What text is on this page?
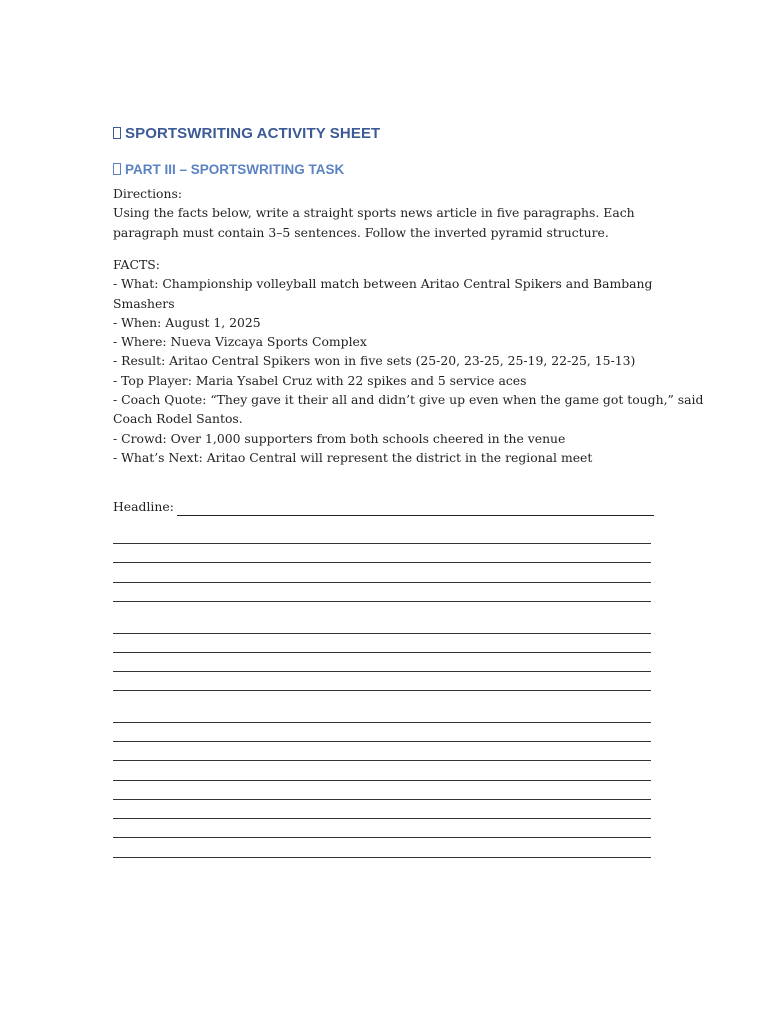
SPORTSWRITING ACTIVITY SHEET
PART III – SPORTSWRITING TASK
Directions:
Using the facts below, write a straight sports news article in five paragraphs. Each
paragraph must contain 3–5 sentences. Follow the inverted pyramid structure.
FACTS:
- What: Championship volleyball match between Aritao Central Spikers and Bambang
Smashers
- When: August 1, 2025
- Where: Nueva Vizcaya Sports Complex
- Result: Aritao Central Spikers won in five sets (25-20, 23-25, 25-19, 22-25, 15-13)
- Top Player: Maria Ysabel Cruz with 22 spikes and 5 service aces
- Coach Quote: “They gave it their all and didn’t give up even when the game got tough,” said
Coach Rodel Santos.
- Crowd: Over 1,000 supporters from both schools cheered in the venue
- What’s Next: Aritao Central will represent the district in the regional meet
Headline:
